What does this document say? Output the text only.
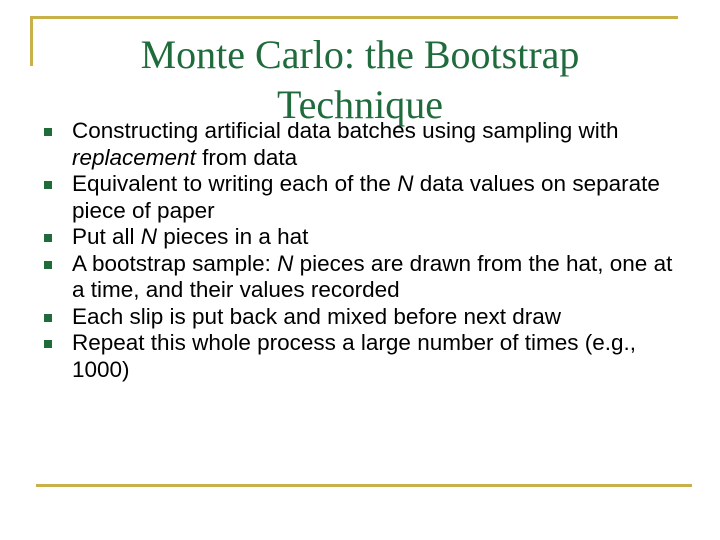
Monte Carlo: the Bootstrap Technique
Constructing artificial data batches using sampling with replacement from data
Equivalent to writing each of the N data values on separate piece of paper
Put all N pieces in a hat
A bootstrap sample: N pieces are drawn from the hat, one at a time, and their values recorded
Each slip is put back and mixed before next draw
Repeat this whole process a large number of times (e.g., 1000)
